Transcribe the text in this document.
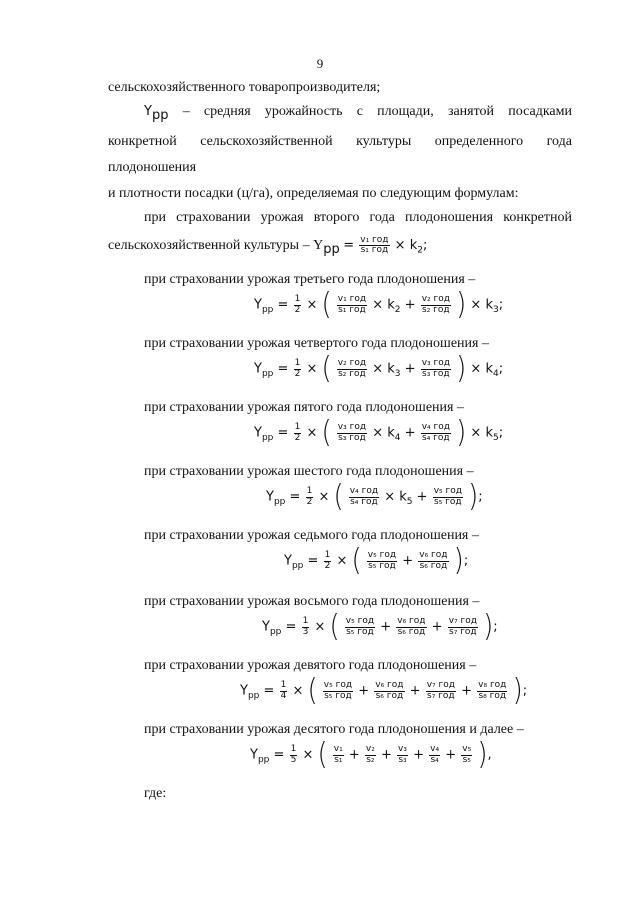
9
сельскохозяйственного товаропроизводителя;
$Y_{рр}$ – средняя урожайность с площади, занятой посадками
конкретной сельскохозяйственной культуры определенного года
плодоношения
и плотности посадки (ц/га), определяемая по следующим формулам:
при страховании урожая второго года плодоношения конкретной
сельскохозяйственной культуры – $Y_{рр} = v_1$ год
s₁ год × $k_2$;
при страховании урожая третьего года плодоношения –
$Y_{рр} = \frac{1}{2}$ × ( v₁ год
s₁ год × $k_2 + v_2$ год
s₂ год ) × $k_3$;
при страховании урожая четвертого года плодоношения –
$Y_{рр} = \frac{1}{2}$ × ( v₂ год
s₂ год × $k_3 + v_3$ год
s₃ год ) × $k_4$;
при страховании урожая пятого года плодоношения –
$Y_{рр} = \frac{1}{2}$ × ( v₃ год
s₃ год × $k_4 + v_4$ год
s₄ год ) × $k_5$;
при страховании урожая шестого года плодоношения –
$Y_{рр} = \frac{1}{2}$ × ( v₄ год
s₄ год × $k_5 + v_5$ год
s₅ год );
при страховании урожая седьмого года плодоношения –
$Y_{рр} = \frac{1}{2}$ × ( v₅ год
s₅ год + v₆ год
s₆ год );
при страховании урожая восьмого года плодоношения –
$Y_{рр} = \frac{1}{3}$ × ( v₅ год
s₅ год + v₆ год
s₆ год + v₇ год
s₇ год );
при страховании урожая девятого года плодоношения –
$Y_{рр} = \frac{1}{4}$ × ( v₅ год
s₅ год + v₆ год
s₆ год + v₇ год
s₇ год + v₈ год
s₈ год );
при страховании урожая десятого года плодоношения и далее –
$Y_{рр} = \frac{1}{5}$ × ( $\frac{\text{v₁}}{\text{s₁}} + \frac{\text{v₂}}{\text{s₂}} + \frac{\text{v₃}}{\text{s₃}} + \frac{\text{v₄}}{\text{s₄}} + \frac{\text{v₅}}{\text{s₅}}$ ),
где:
